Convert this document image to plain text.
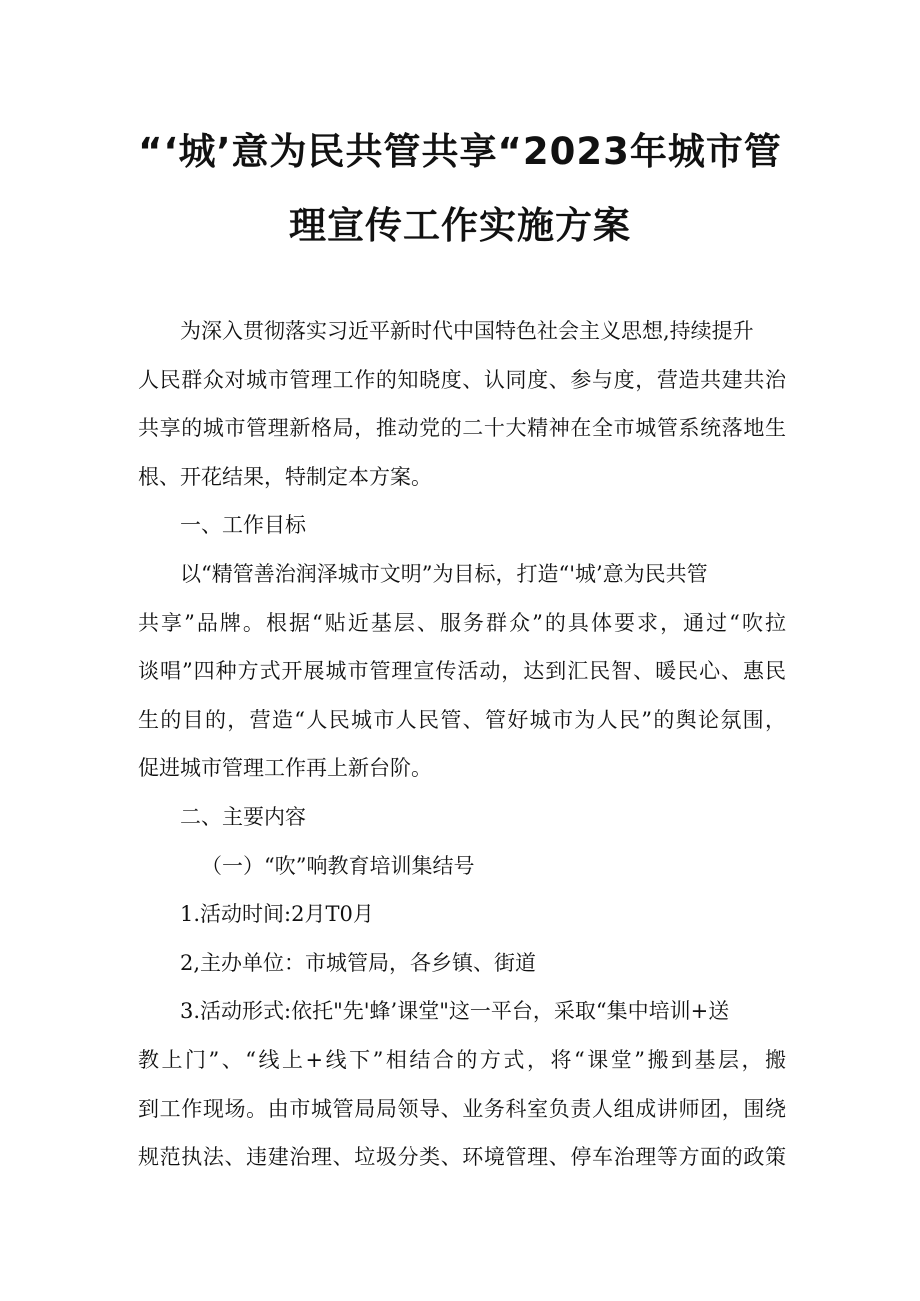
“‘城’意为民共管共享“2023年城市管
理宣传工作实施方案
为深入贯彻落实习近平新时代中国特色社会主义思想,持续提升
人民群众对城市管理工作的知晓度、认同度、参与度，营造共建共治
共享的城市管理新格局，推动党的二十大精神在全市城管系统落地生
根、开花结果，特制定本方案。
一、工作目标
以“精管善治润泽城市文明”为目标，打造“'城’意为民共管
共享”品牌。根据“贴近基层、服务群众”的具体要求，通过“吹拉
谈唱”四种方式开展城市管理宣传活动，达到汇民智、暖民心、惠民
生的目的，营造“人民城市人民管、管好城市为人民”的舆论氛围，
促进城市管理工作再上新台阶。
二、主要内容
（一）“吹”响教育培训集结号
1.活动时间:2月T0月
2,主办单位：市城管局，各乡镇、街道
3.活动形式:依托"先'蜂’课堂"这一平台，采取“集中培训+送
教上门”、“线上+线下”相结合的方式，将“课堂”搬到基层，搬
到工作现场。由市城管局局领导、业务科室负责人组成讲师团，围绕
规范执法、违建治理、垃圾分类、环境管理、停车治理等方面的政策
